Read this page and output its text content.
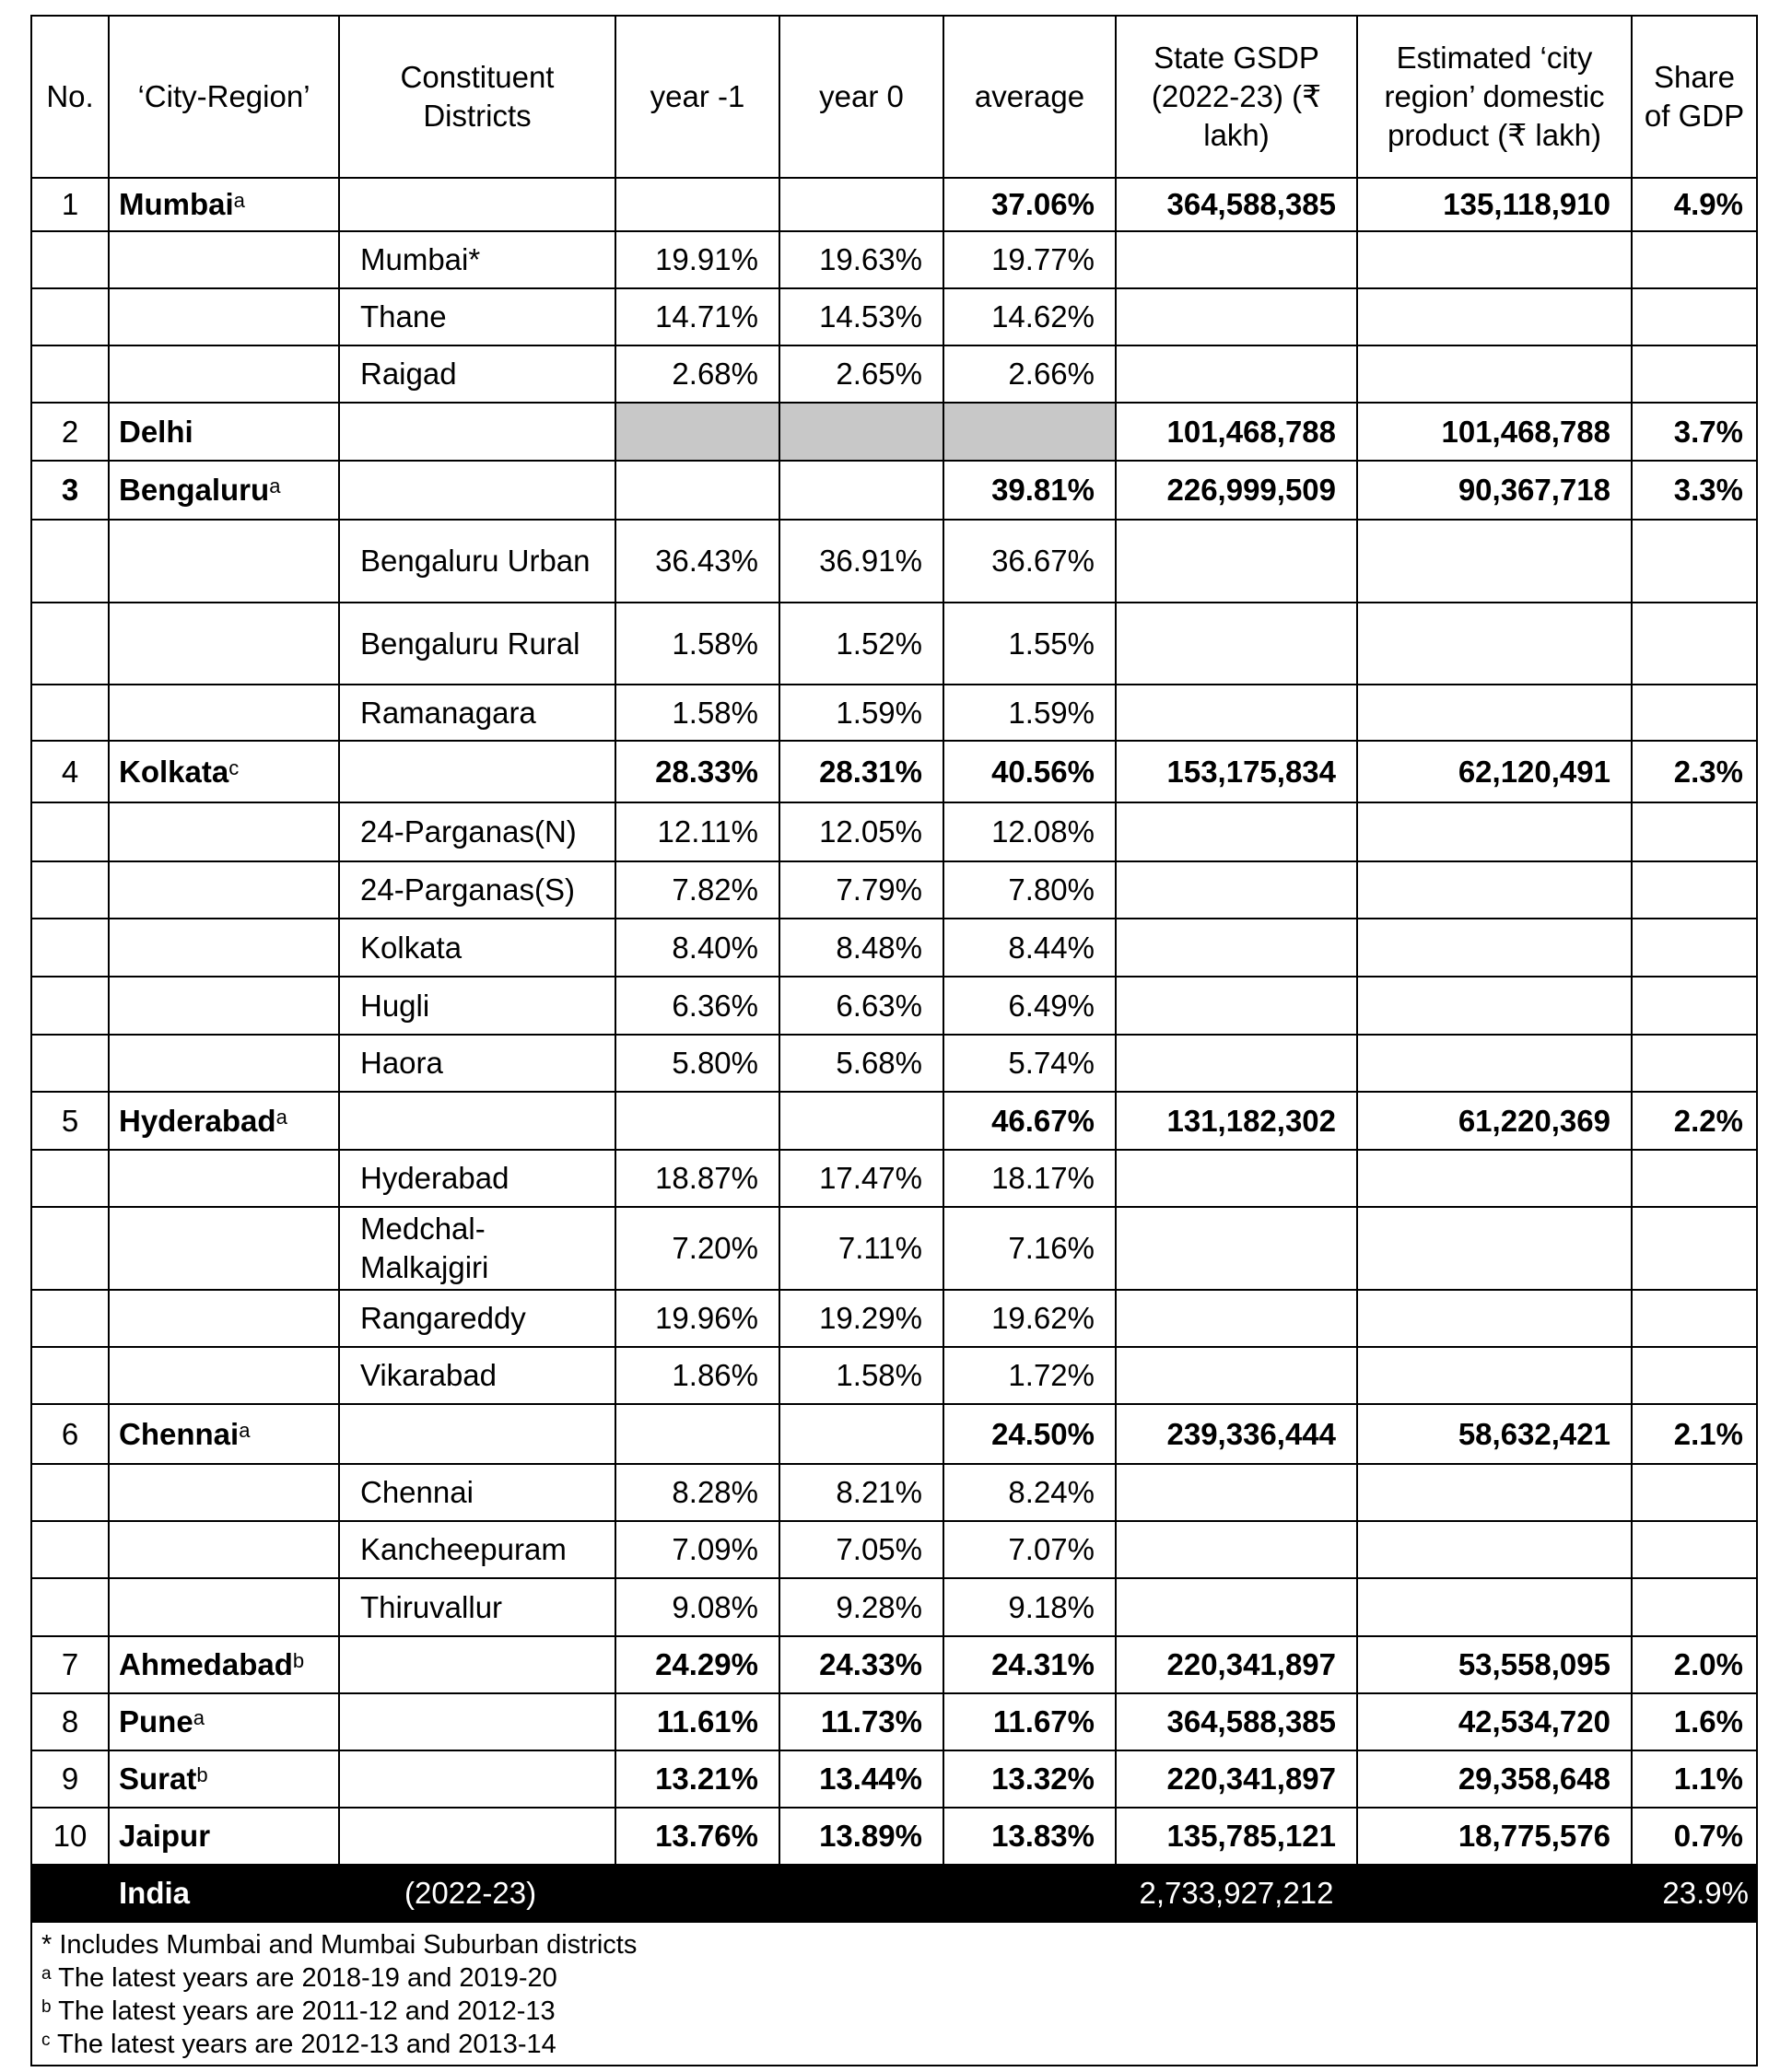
No.	‘City-Region’	Constituent Districts	year -1	year 0	average	State GSDP (2022-23) (₹ lakh)	Estimated ‘city region’ domestic product (₹ lakh)	Share of GDP
1	Mumbai$^a$				37.06%	364,588,385	135,118,910	4.9%
		Mumbai*	19.91%	19.63%	19.77%			
		Thane	14.71%	14.53%	14.62%			
		Raigad	2.68%	2.65%	2.66%			
2	Delhi					101,468,788	101,468,788	3.7%
3	Bengaluru$^a$				39.81%	226,999,509	90,367,718	3.3%
		Bengaluru Urban	36.43%	36.91%	36.67%			
		Bengaluru Rural	1.58%	1.52%	1.55%			
		Ramanagara	1.58%	1.59%	1.59%			
4	Kolkata$^c$		28.33%	28.31%	40.56%	153,175,834	62,120,491	2.3%
		24-Parganas(N)	12.11%	12.05%	12.08%			
		24-Parganas(S)	7.82%	7.79%	7.80%			
		Kolkata	8.40%	8.48%	8.44%			
		Hugli	6.36%	6.63%	6.49%			
		Haora	5.80%	5.68%	5.74%			
5	Hyderabad$^a$				46.67%	131,182,302	61,220,369	2.2%
		Hyderabad	18.87%	17.47%	18.17%			
		Medchal-Malkajgiri	7.20%	7.11%	7.16%			
		Rangareddy	19.96%	19.29%	19.62%			
		Vikarabad	1.86%	1.58%	1.72%			
6	Chennai$^a$				24.50%	239,336,444	58,632,421	2.1%
		Chennai	8.28%	8.21%	8.24%			
		Kancheepuram	7.09%	7.05%	7.07%			
		Thiruvallur	9.08%	9.28%	9.18%			
7	Ahmedabad$^b$		24.29%	24.33%	24.31%	220,341,897	53,558,095	2.0%
8	Pune$^a$		11.61%	11.73%	11.67%	364,588,385	42,534,720	1.6%
9	Surat$^b$		13.21%	13.44%	13.32%	220,341,897	29,358,648	1.1%
10	Jaipur		13.76%	13.89%	13.83%	135,785,121	18,775,576	0.7%
	India	(2022-23)				2,733,927,212		23.9%

* Includes Mumbai and Mumbai Suburban districts
$^a$ The latest years are 2018-19 and 2019-20
$^b$ The latest years are 2011-12 and 2012-13
$^c$ The latest years are 2012-13 and 2013-14								
